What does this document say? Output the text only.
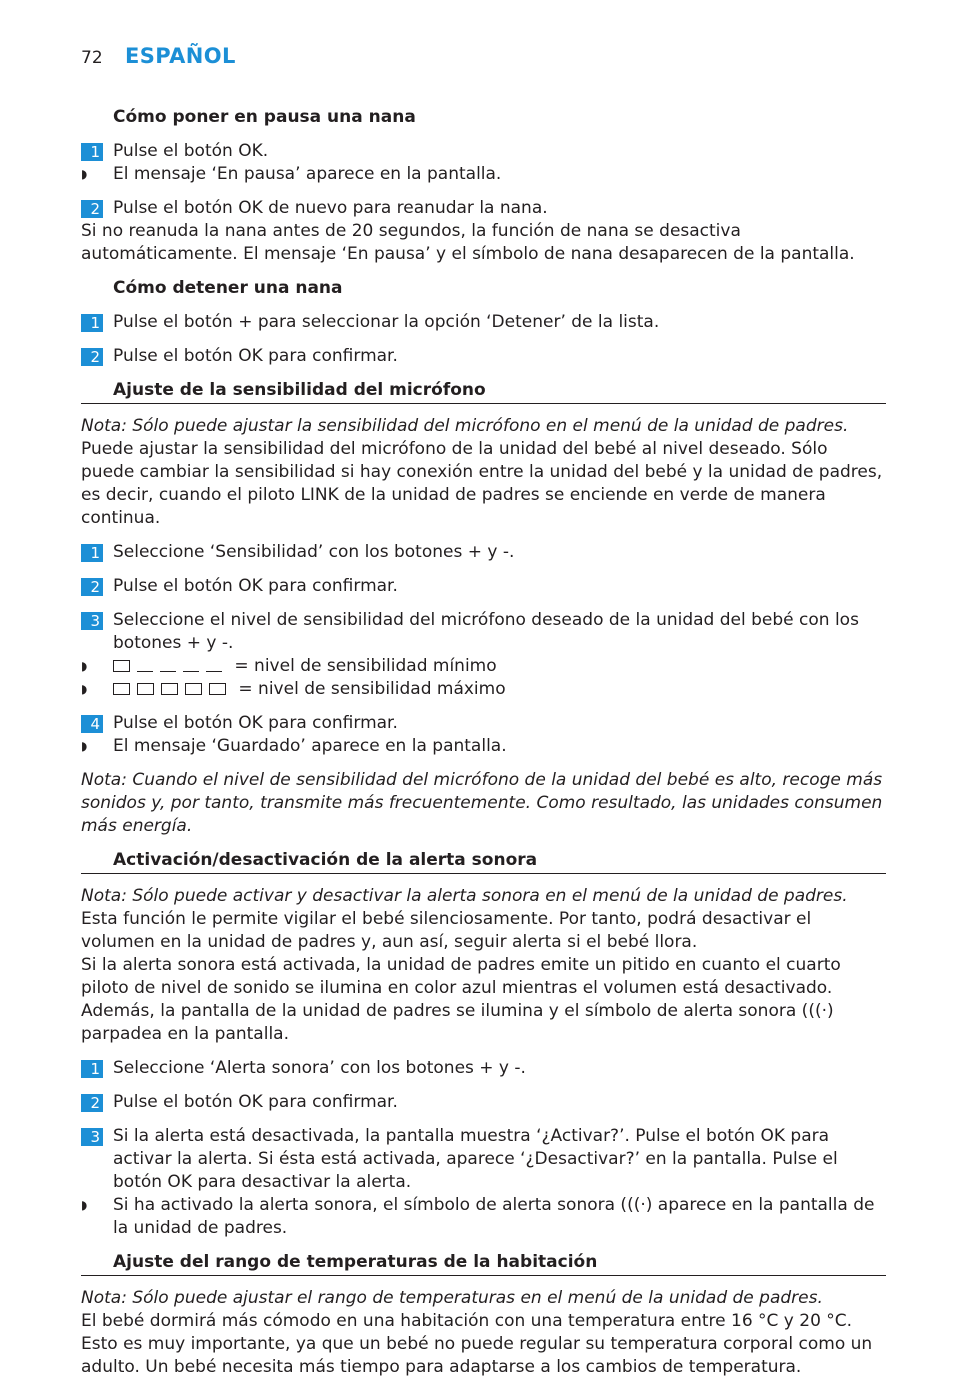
72	ESPAÑOL
Cómo poner en pausa una nana
1 Pulse el botón OK.
◗	El mensaje ‘En pausa’ aparece en la pantalla.
2 Pulse el botón OK de nuevo para reanudar la nana.
Si no reanuda la nana antes de 20 segundos, la función de nana se desactiva automáticamente. El mensaje ‘En pausa’ y el símbolo de nana desaparecen de la pantalla.
Cómo detener una nana
1 Pulse el botón + para seleccionar la opción ‘Detener’ de la lista.
2 Pulse el botón OK para confirmar.
Ajuste de la sensibilidad del micrófono
Nota: Sólo puede ajustar la sensibilidad del micrófono en el menú de la unidad de padres.
Puede ajustar la sensibilidad del micrófono de la unidad del bebé al nivel deseado. Sólo puede cambiar la sensibilidad si hay conexión entre la unidad del bebé y la unidad de padres, es decir, cuando el piloto LINK de la unidad de padres se enciende en verde de manera continua.
1 Seleccione ‘Sensibilidad’ con los botones + y -.
2 Pulse el botón OK para confirmar.
3 Seleccione el nivel de sensibilidad del micrófono deseado de la unidad del bebé con los botones + y -.
◗	= nivel de sensibilidad mínimo
◗	= nivel de sensibilidad máximo
4 Pulse el botón OK para confirmar.
◗	El mensaje ‘Guardado’ aparece en la pantalla.
Nota: Cuando el nivel de sensibilidad del micrófono de la unidad del bebé es alto, recoge más sonidos y, por tanto, transmite más frecuentemente. Como resultado, las unidades consumen más energía.
Activación/desactivación de la alerta sonora
Nota: Sólo puede activar y desactivar la alerta sonora en el menú de la unidad de padres.
Esta función le permite vigilar el bebé silenciosamente. Por tanto, podrá desactivar el volumen en la unidad de padres y, aun así, seguir alerta si el bebé llora.
Si la alerta sonora está activada, la unidad de padres emite un pitido en cuanto el cuarto piloto de nivel de sonido se ilumina en color azul mientras el volumen está desactivado. Además, la pantalla de la unidad de padres se ilumina y el símbolo de alerta sonora (((·) parpadea en la pantalla.
1 Seleccione ‘Alerta sonora’ con los botones + y -.
2 Pulse el botón OK para confirmar.
3 Si la alerta está desactivada, la pantalla muestra ‘¿Activar?’. Pulse el botón OK para activar la alerta. Si ésta está activada, aparece ‘¿Desactivar?’ en la pantalla. Pulse el botón OK para desactivar la alerta.
◗	Si ha activado la alerta sonora, el símbolo de alerta sonora (((·) aparece en la pantalla de la unidad de padres.
Ajuste del rango de temperaturas de la habitación
Nota: Sólo puede ajustar el rango de temperaturas en el menú de la unidad de padres.
El bebé dormirá más cómodo en una habitación con una temperatura entre 16 °C y 20 °C. Esto es muy importante, ya que un bebé no puede regular su temperatura corporal como un adulto. Un bebé necesita más tiempo para adaptarse a los cambios de temperatura.
